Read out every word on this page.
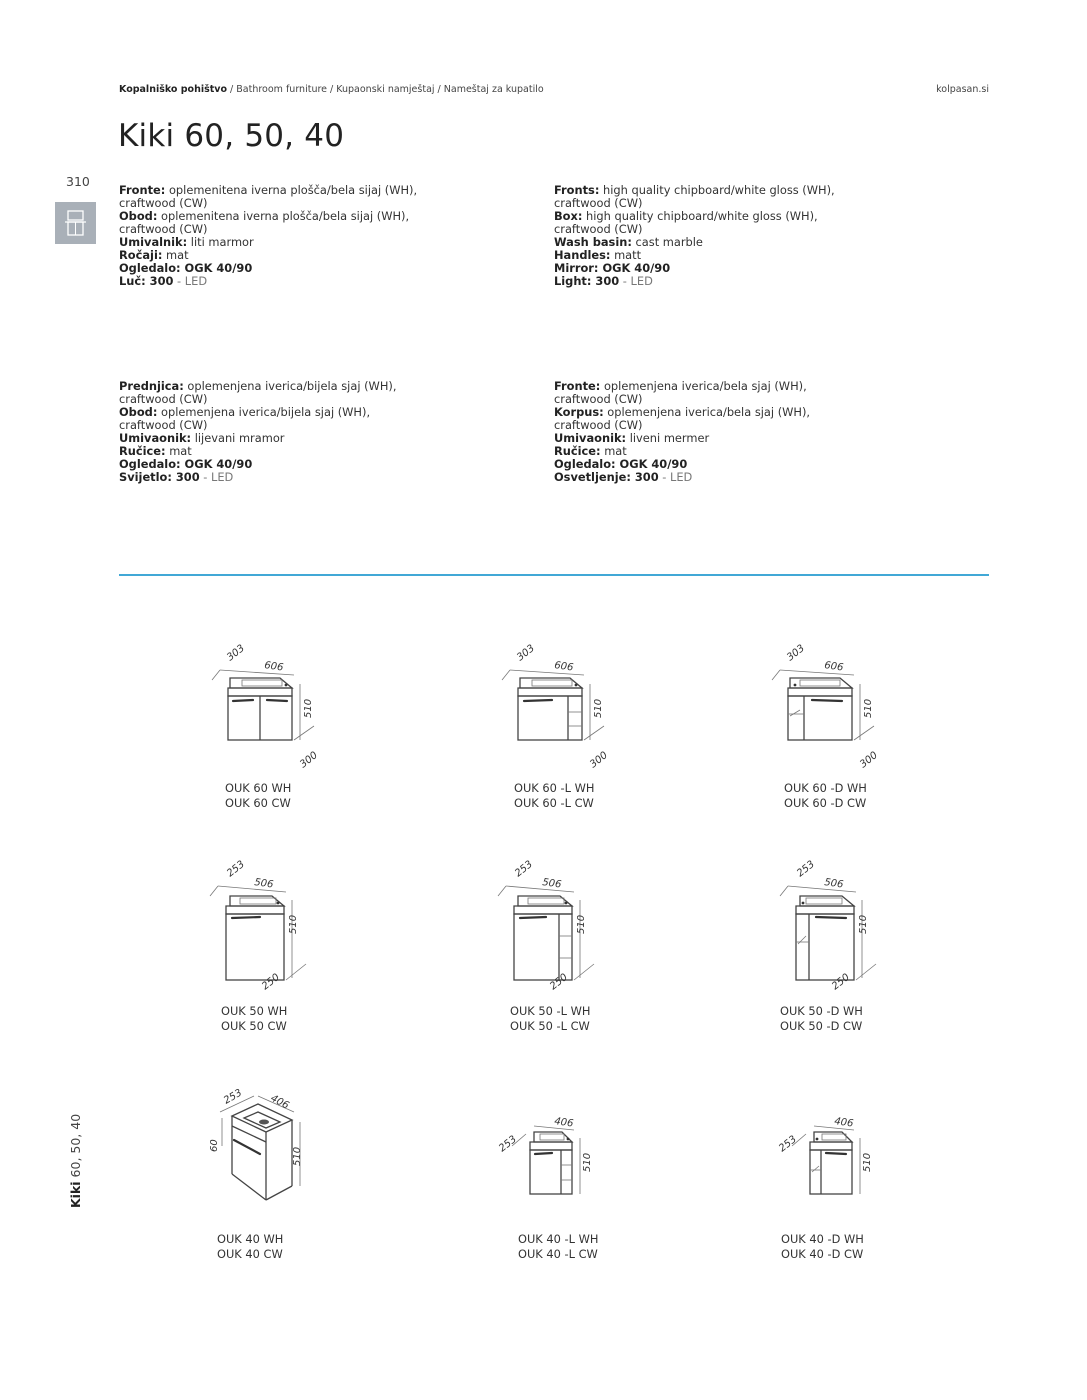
Kopalniško pohištvo / Bathroom furniture / Kupaonski namještaj / Nameštaj za kupatilo	kolpasan.si
Kiki 60, 50, 40
310
Kiki 60, 50, 40
Fronte: oplemenitena iverna plošča/bela sijaj (WH),
craftwood (CW)
Obod: oplemenitena iverna plošča/bela sijaj (WH),
craftwood (CW)
Umivalnik: liti marmor
Ročaji: mat
Ogledalo: OGK 40/90
Luč: 300 - LED
Fronts: high quality chipboard/white gloss (WH),
craftwood (CW)
Box: high quality chipboard/white gloss (WH),
craftwood (CW)
Wash basin: cast marble
Handles: matt
Mirror: OGK 40/90
Light: 300 - LED
Prednjica: oplemenjena iverica/bijela sjaj (WH),
craftwood (CW)
Obod: oplemenjena iverica/bijela sjaj (WH),
craftwood (CW)
Umivaonik: lijevani mramor
Ručice: mat
Ogledalo: OGK 40/90
Svijetlo: 300 - LED
Fronte: oplemenjena iverica/bela sjaj (WH),
craftwood (CW)
Korpus: oplemenjena iverica/bela sjaj (WH),
craftwood (CW)
Umivaonik: liveni mermer
Ručice: mat
Ogledalo: OGK 40/90
Osvetljenje: 300 - LED
303
606
510
300
OUK 60 WH
OUK 60 CW
303
606
510
300
OUK 60 -L WH
OUK 60 -L CW
303
606
510
300
OUK 60 -D WH
OUK 60 -D CW
253
506
510
250
OUK 50 WH
OUK 50 CW
253
506
510
250
OUK 50 -L WH
OUK 50 -L CW
253
506
510
250
OUK 50 -D WH
OUK 50 -D CW
253 406
510
60
OUK 40 WH
OUK 40 CW
406
510
253
OUK 40 -L WH
OUK 40 -L CW
406
510
253
OUK 40 -D WH
OUK 40 -D CW
